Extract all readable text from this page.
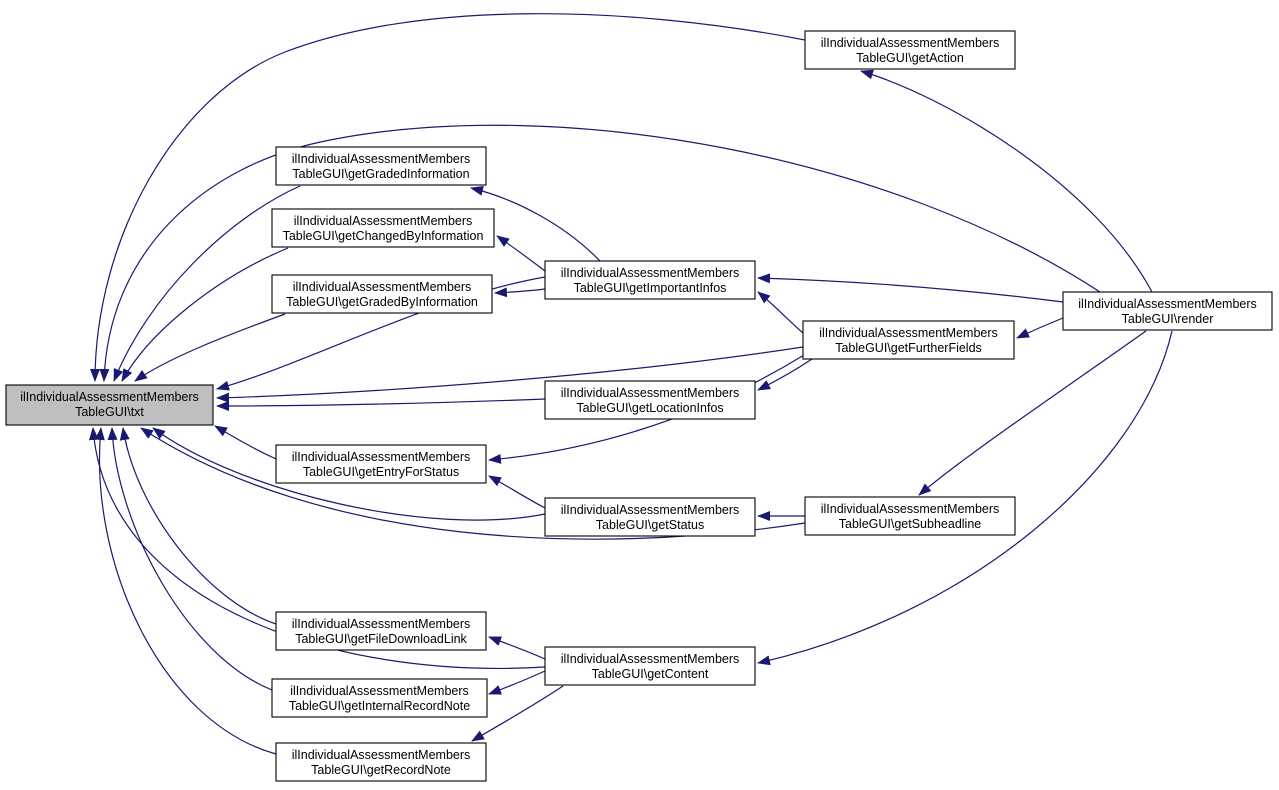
ilIndividualAssessmentMembers
TableGUI\txt
ilIndividualAssessmentMembers
TableGUI\getAction
ilIndividualAssessmentMembers
TableGUI\getGradedInformation
ilIndividualAssessmentMembers
TableGUI\getChangedByInformation
ilIndividualAssessmentMembers
TableGUI\getGradedByInformation
ilIndividualAssessmentMembers
TableGUI\getImportantInfos
ilIndividualAssessmentMembers
TableGUI\getFurtherFields
ilIndividualAssessmentMembers
TableGUI\render
ilIndividualAssessmentMembers
TableGUI\getLocationInfos
ilIndividualAssessmentMembers
TableGUI\getEntryForStatus
ilIndividualAssessmentMembers
TableGUI\getStatus
ilIndividualAssessmentMembers
TableGUI\getSubheadline
ilIndividualAssessmentMembers
TableGUI\getFileDownloadLink
ilIndividualAssessmentMembers
TableGUI\getContent
ilIndividualAssessmentMembers
TableGUI\getInternalRecordNote
ilIndividualAssessmentMembers
TableGUI\getRecordNote
